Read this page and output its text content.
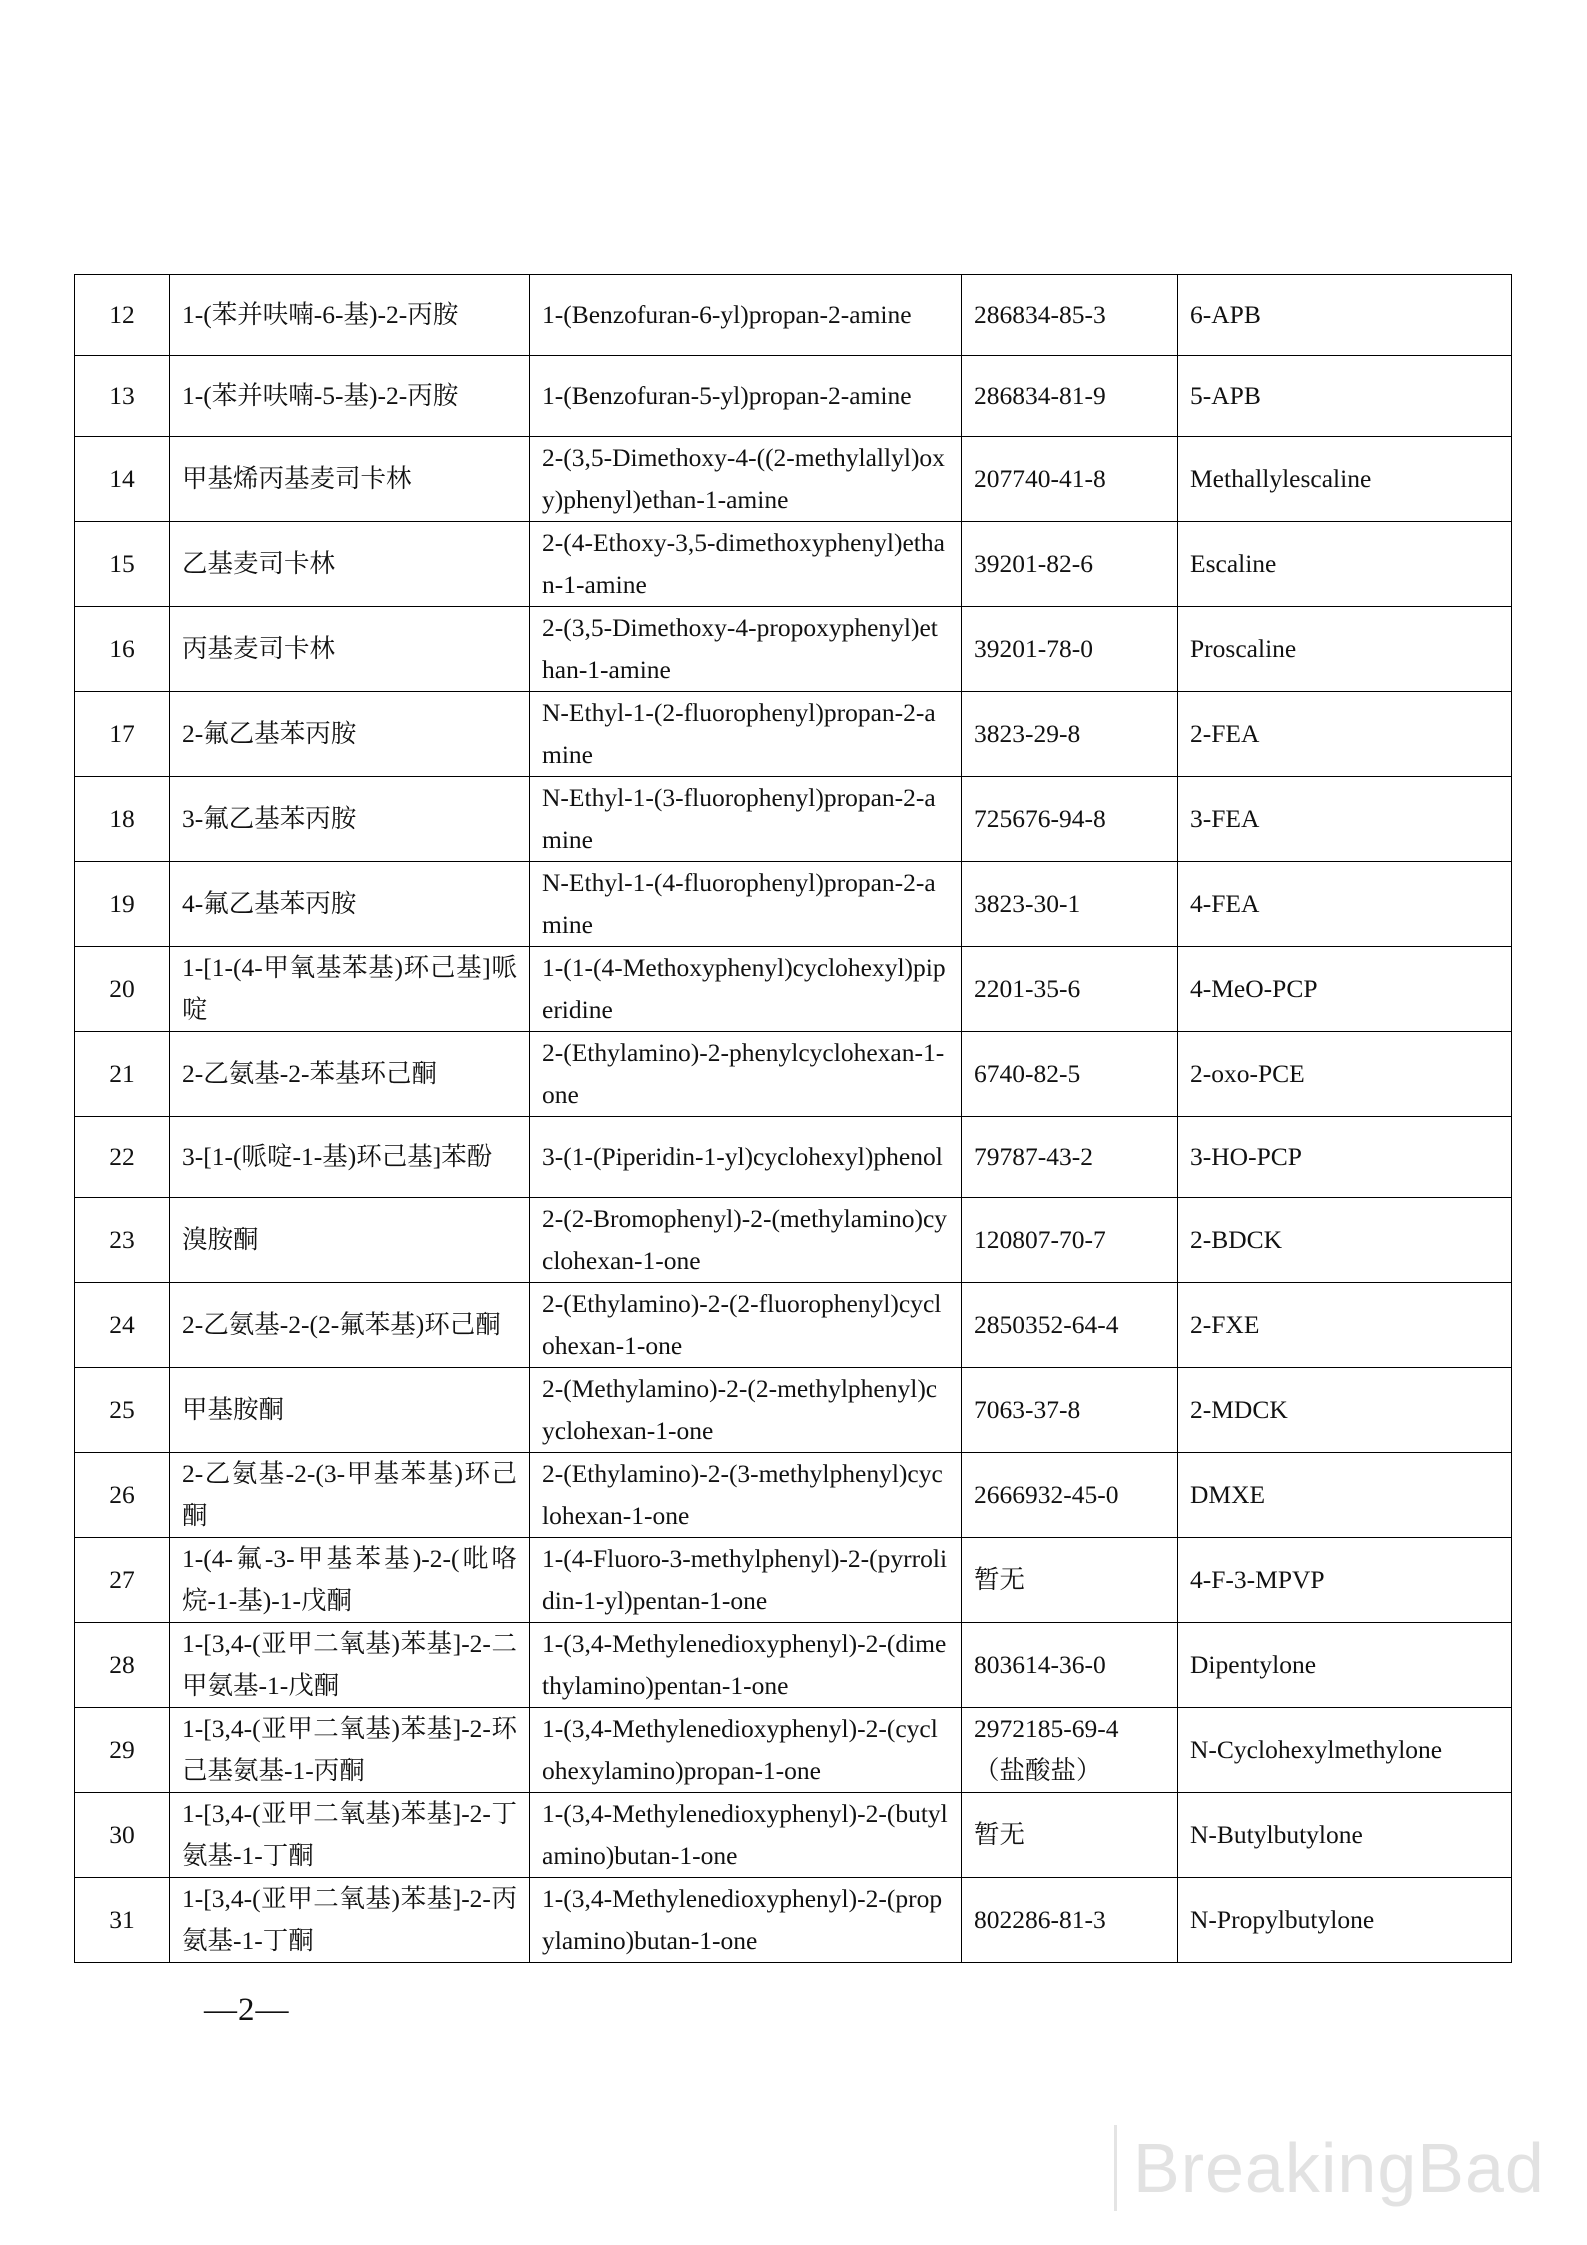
12	1-(苯并呋喃-6-基)-2-丙胺	1-(Benzofuran-6-yl)propan-2-amine	286834-85-3	6-APB
13	1-(苯并呋喃-5-基)-2-丙胺	1-(Benzofuran-5-yl)propan-2-amine	286834-81-9	5-APB
14	甲基烯丙基麦司卡林	2-(3,5-Dimethoxy-4-((2-methylallyl)oxy)phenyl)ethan-1-amine	207740-41-8	Methallylescaline
15	乙基麦司卡林	2-(4-Ethoxy-3,5-dimethoxyphenyl)ethan-1-amine	39201-82-6	Escaline
16	丙基麦司卡林	2-(3,5-Dimethoxy-4-propoxyphenyl)ethan-1-amine	39201-78-0	Proscaline
17	2-氟乙基苯丙胺	N-Ethyl-1-(2-fluorophenyl)propan-2-amine	3823-29-8	2-FEA
18	3-氟乙基苯丙胺	N-Ethyl-1-(3-fluorophenyl)propan-2-amine	725676-94-8	3-FEA
19	4-氟乙基苯丙胺	N-Ethyl-1-(4-fluorophenyl)propan-2-amine	3823-30-1	4-FEA
20	1-[1-(4-甲氧基苯基)环己基]哌啶	1-(1-(4-Methoxyphenyl)cyclohexyl)piperidine	2201-35-6	4-MeO-PCP
21	2-乙氨基-2-苯基环己酮	2-(Ethylamino)-2-phenylcyclohexan-1-one	6740-82-5	2-oxo-PCE
22	3-[1-(哌啶-1-基)环己基]苯酚	3-(1-(Piperidin-1-yl)cyclohexyl)phenol	79787-43-2	3-HO-PCP
23	溴胺酮	2-(2-Bromophenyl)-2-(methylamino)cyclohexan-1-one	120807-70-7	2-BDCK
24	2-乙氨基-2-(2-氟苯基)环己酮	2-(Ethylamino)-2-(2-fluorophenyl)cyclohexan-1-one	2850352-64-4	2-FXE
25	甲基胺酮	2-(Methylamino)-2-(2-methylphenyl)cyclohexan-1-one	7063-37-8	2-MDCK
26	2-乙氨基-2-(3-甲基苯基)环己酮	2-(Ethylamino)-2-(3-methylphenyl)cyclohexan-1-one	2666932-45-0	DMXE
27	1-(4-氟-3-甲基苯基)-2-(吡咯烷-1-基)-1-戊酮	1-(4-Fluoro-3-methylphenyl)-2-(pyrrolidin-1-yl)pentan-1-one	暂无	4-F-3-MPVP
28	1-[3,4-(亚甲二氧基)苯基]-2-二甲氨基-1-戊酮	1-(3,4-Methylenedioxyphenyl)-2-(dimethylamino)pentan-1-one	803614-36-0	Dipentylone
29	1-[3,4-(亚甲二氧基)苯基]-2-环己基氨基-1-丙酮	1-(3,4-Methylenedioxyphenyl)-2-(cyclohexylamino)propan-1-one	2972185-69-4（盐酸盐）	N-Cyclohexylmethylone
30	1-[3,4-(亚甲二氧基)苯基]-2-丁氨基-1-丁酮	1-(3,4-Methylenedioxyphenyl)-2-(butylamino)butan-1-one	暂无	N-Butylbutylone
31	1-[3,4-(亚甲二氧基)苯基]-2-丙氨基-1-丁酮	1-(3,4-Methylenedioxyphenyl)-2-(propylamino)butan-1-one	802286-81-3	N-Propylbutylone
—2—
BreakingBad
